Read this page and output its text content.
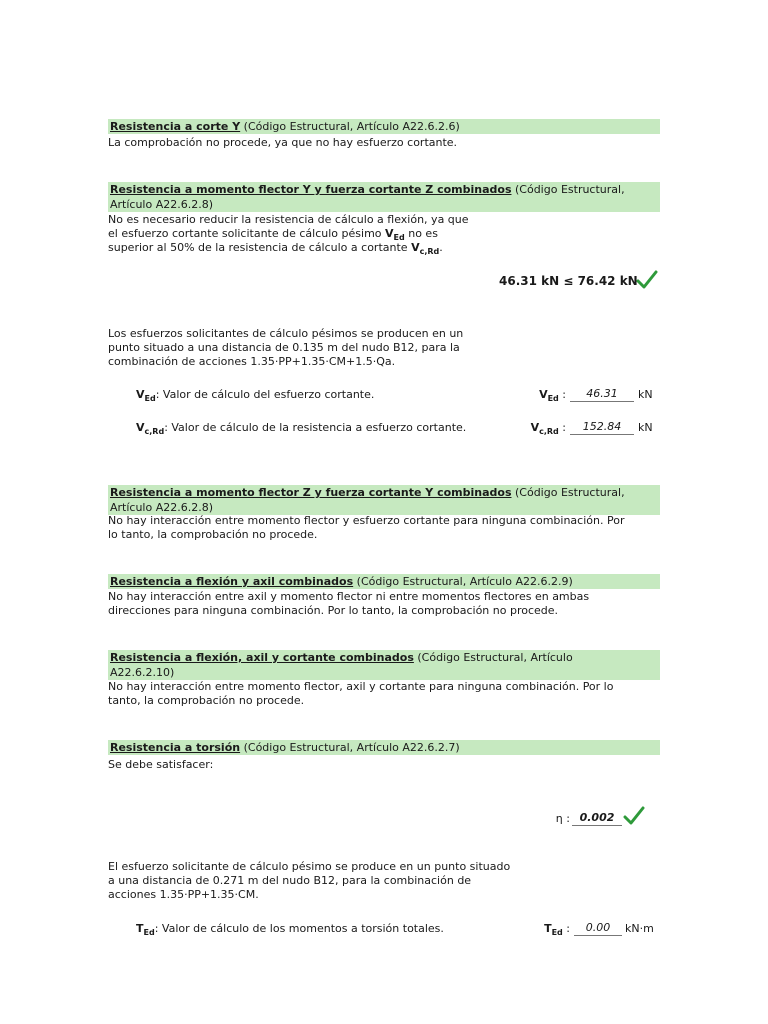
Resistencia a corte Y (Código Estructural, Artículo A22.6.2.6)
La comprobación no procede, ya que no hay esfuerzo cortante.
Resistencia a momento flector Y y fuerza cortante Z combinados (Código Estructural,
Artículo A22.6.2.8)
No es necesario reducir la resistencia de cálculo a flexión, ya que
el esfuerzo cortante solicitante de cálculo pésimo $V_{Ed}$ no es
superior al 50% de la resistencia de cálculo a cortante $V_{c,Rd}$.
46.31 kN ≤ 76.42 kN
Los esfuerzos solicitantes de cálculo pésimos se producen en un
punto situado a una distancia de 0.135 m del nudo B12, para la
combinación de acciones 1.35·PP+1.35·CM+1.5·Qa.
$V_{Ed}$: Valor de cálculo del esfuerzo cortante.	$V_{Ed}$ :	46.31	kN
$V_{c,Rd}$: Valor de cálculo de la resistencia a esfuerzo cortante.	$V_{c,Rd}$ :	152.84	kN
Resistencia a momento flector Z y fuerza cortante Y combinados (Código Estructural,
Artículo A22.6.2.8)
No hay interacción entre momento flector y esfuerzo cortante para ninguna combinación. Por
lo tanto, la comprobación no procede.
Resistencia a flexión y axil combinados (Código Estructural, Artículo A22.6.2.9)
No hay interacción entre axil y momento flector ni entre momentos flectores en ambas
direcciones para ninguna combinación. Por lo tanto, la comprobación no procede.
Resistencia a flexión, axil y cortante combinados (Código Estructural, Artículo
A22.6.2.10)
No hay interacción entre momento flector, axil y cortante para ninguna combinación. Por lo
tanto, la comprobación no procede.
Resistencia a torsión (Código Estructural, Artículo A22.6.2.7)
Se debe satisfacer:
η : 0.002
El esfuerzo solicitante de cálculo pésimo se produce en un punto situado
a una distancia de 0.271 m del nudo B12, para la combinación de
acciones 1.35·PP+1.35·CM.
$T_{Ed}$: Valor de cálculo de los momentos a torsión totales.	$T_{Ed}$ :	0.00	kN·m
